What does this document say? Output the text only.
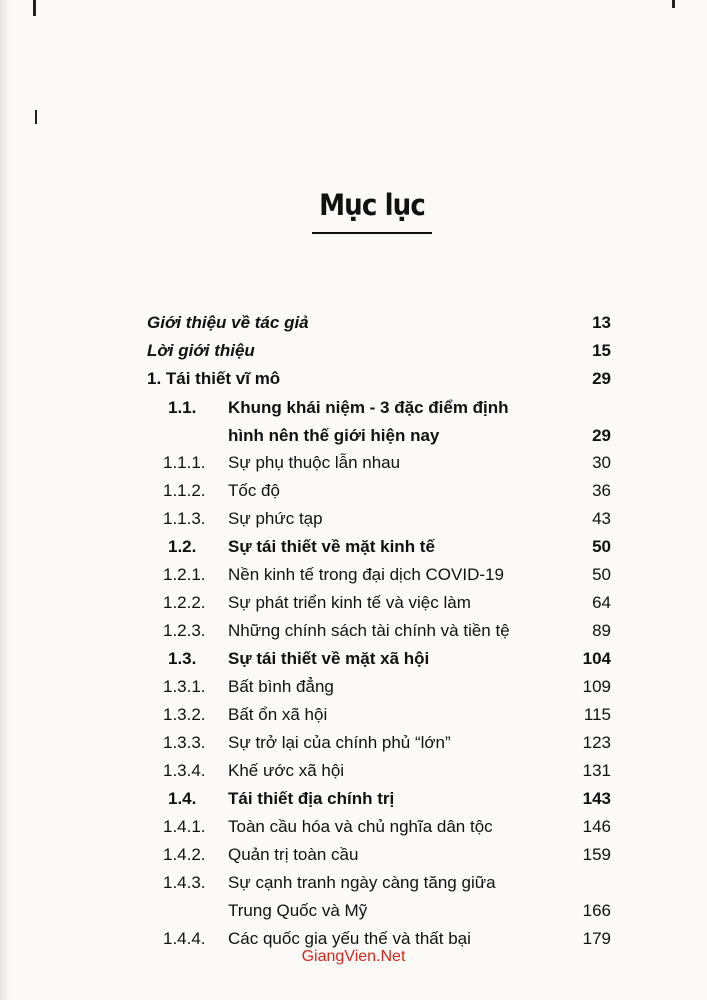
Mục lục
Giới thiệu về tác giả	13
Lời giới thiệu	15
1. Tái thiết vĩ mô	29
1.1. Khung khái niệm - 3 đặc điểm định
hình nên thế giới hiện nay	29
1.1.1. Sự phụ thuộc lẫn nhau	30
1.1.2. Tốc độ	36
1.1.3. Sự phức tạp	43
1.2. Sự tái thiết về mặt kinh tế	50
1.2.1. Nền kinh tế trong đại dịch COVID-19	50
1.2.2. Sự phát triển kinh tế và việc làm	64
1.2.3. Những chính sách tài chính và tiền tệ	89
1.3. Sự tái thiết về mặt xã hội	104
1.3.1. Bất bình đẳng	109
1.3.2. Bất ổn xã hội	115
1.3.3. Sự trở lại của chính phủ “lớn”	123
1.3.4. Khế ước xã hội	131
1.4. Tái thiết địa chính trị	143
1.4.1. Toàn cầu hóa và chủ nghĩa dân tộc	146
1.4.2. Quản trị toàn cầu	159
1.4.3. Sự cạnh tranh ngày càng tăng giữa
Trung Quốc và Mỹ	166
1.4.4. Các quốc gia yếu thế và thất bại	179
GiangVien.Net
